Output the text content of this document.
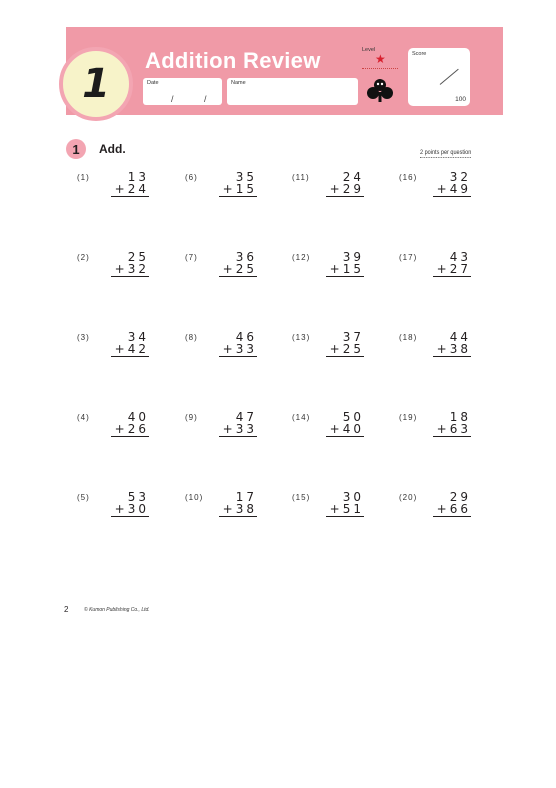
1
Addition Review
Date
/ /
Name
Level
★	Score
100
1	Add.	2 points per question
(1)	13
+24
(2)	25
+32
(3)	34
+42
(4)	40
+26
(5)	53
+30
(6)	35
+15
(7)	36
+25
(8)	46
+33
(9)	47
+33
(10)	17
+38
(11)	24
+29
(12)	39
+15
(13)	37
+25
(14)	50
+40
(15)	30
+51
(16)	32
+49
(17)	43
+27
(18)	44
+38
(19)	18
+63
(20)	29
+66
2	© Kumon Publishing Co., Ltd.
